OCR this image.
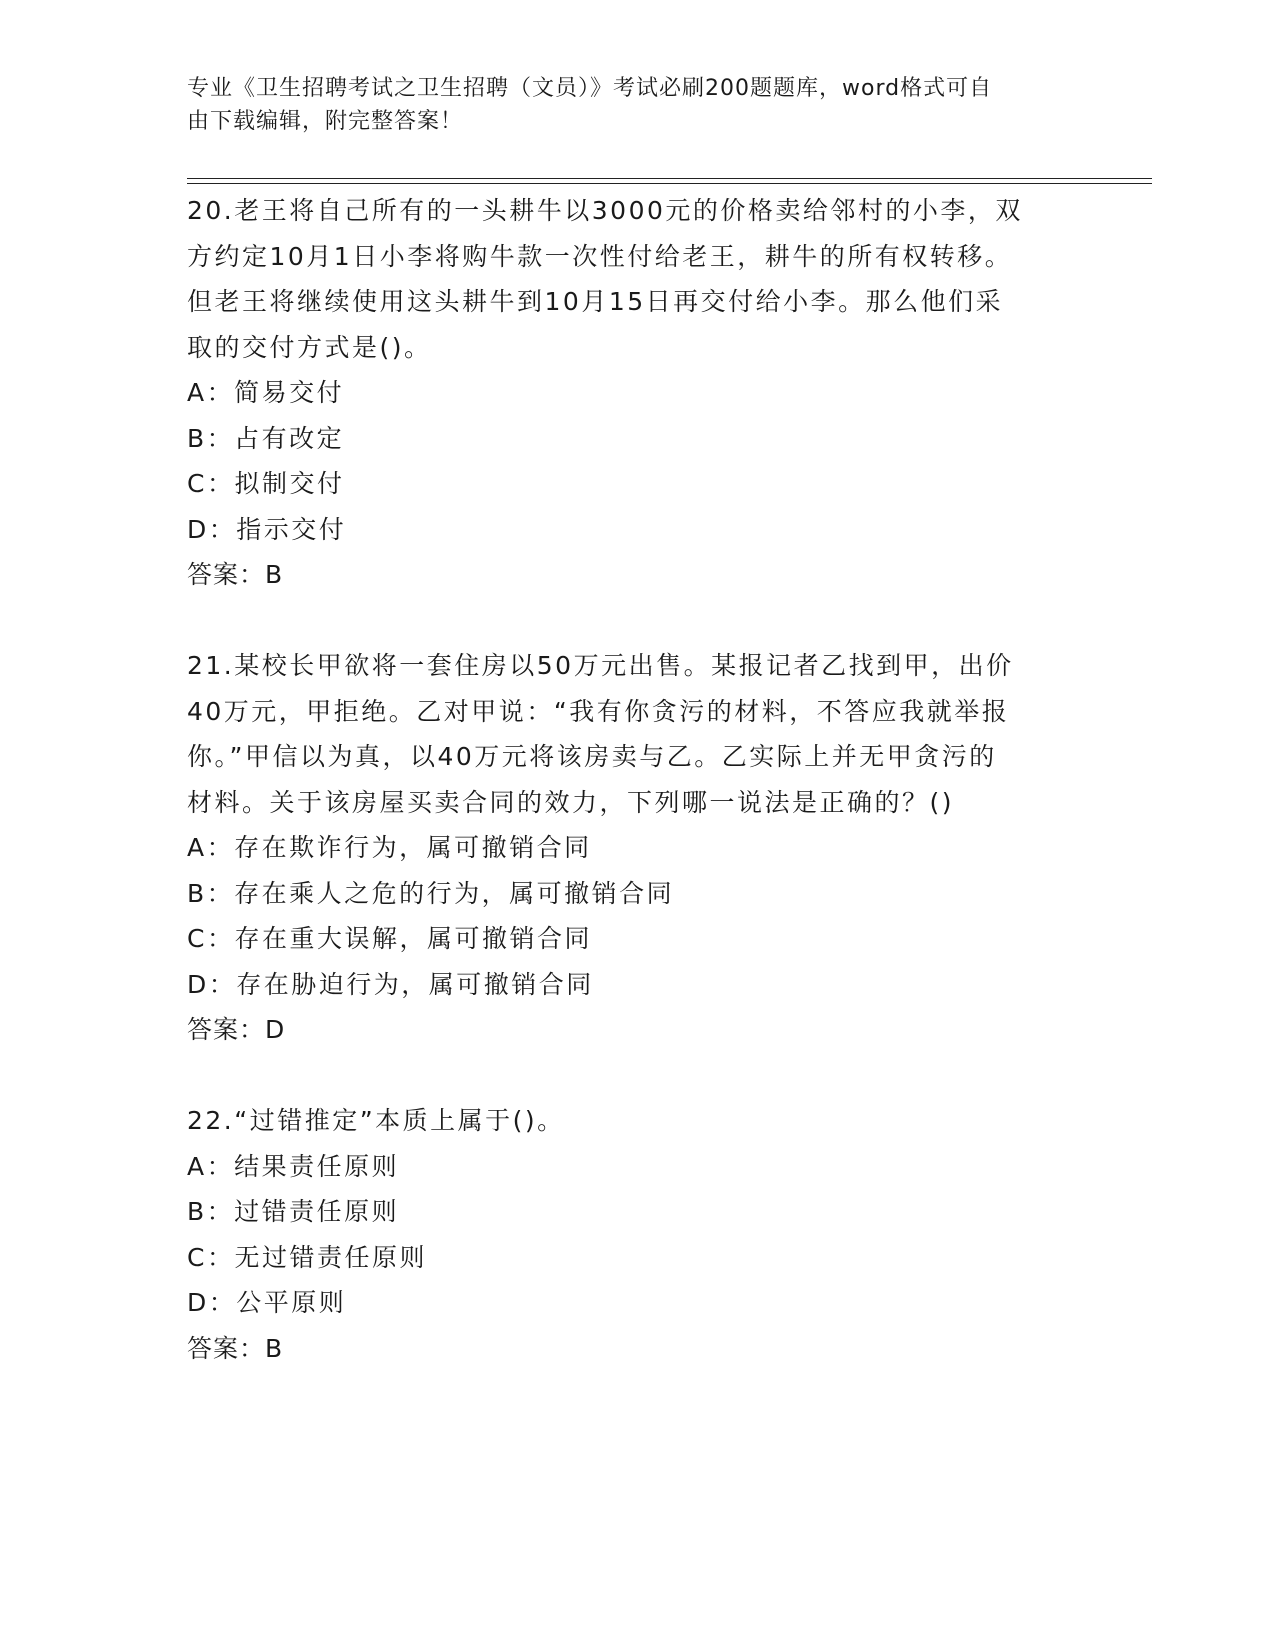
专业《卫生招聘考试之卫生招聘（文员）》考试必刷200题题库，word格式可自
由下载编辑，附完整答案！

20.老王将自己所有的一头耕牛以3000元的价格卖给邻村的小李，双

方约定10月1日小李将购牛款一次性付给老王，耕牛的所有权转移。

但老王将继续使用这头耕牛到10月15日再交付给小李。那么他们采

取的交付方式是()。

A：简易交付

B：占有改定

C：拟制交付

D：指示交付

答案：B

21.某校长甲欲将一套住房以50万元出售。某报记者乙找到甲，出价

40万元，甲拒绝。乙对甲说：“我有你贪污的材料，不答应我就举报

你。”甲信以为真，以40万元将该房卖与乙。乙实际上并无甲贪污的

材料。关于该房屋买卖合同的效力，下列哪一说法是正确的？()

A：存在欺诈行为，属可撤销合同

B：存在乘人之危的行为，属可撤销合同

C：存在重大误解，属可撤销合同

D：存在胁迫行为，属可撤销合同

答案：D

22.“过错推定”本质上属于()。

A：结果责任原则

B：过错责任原则

C：无过错责任原则

D：公平原则

答案：B
